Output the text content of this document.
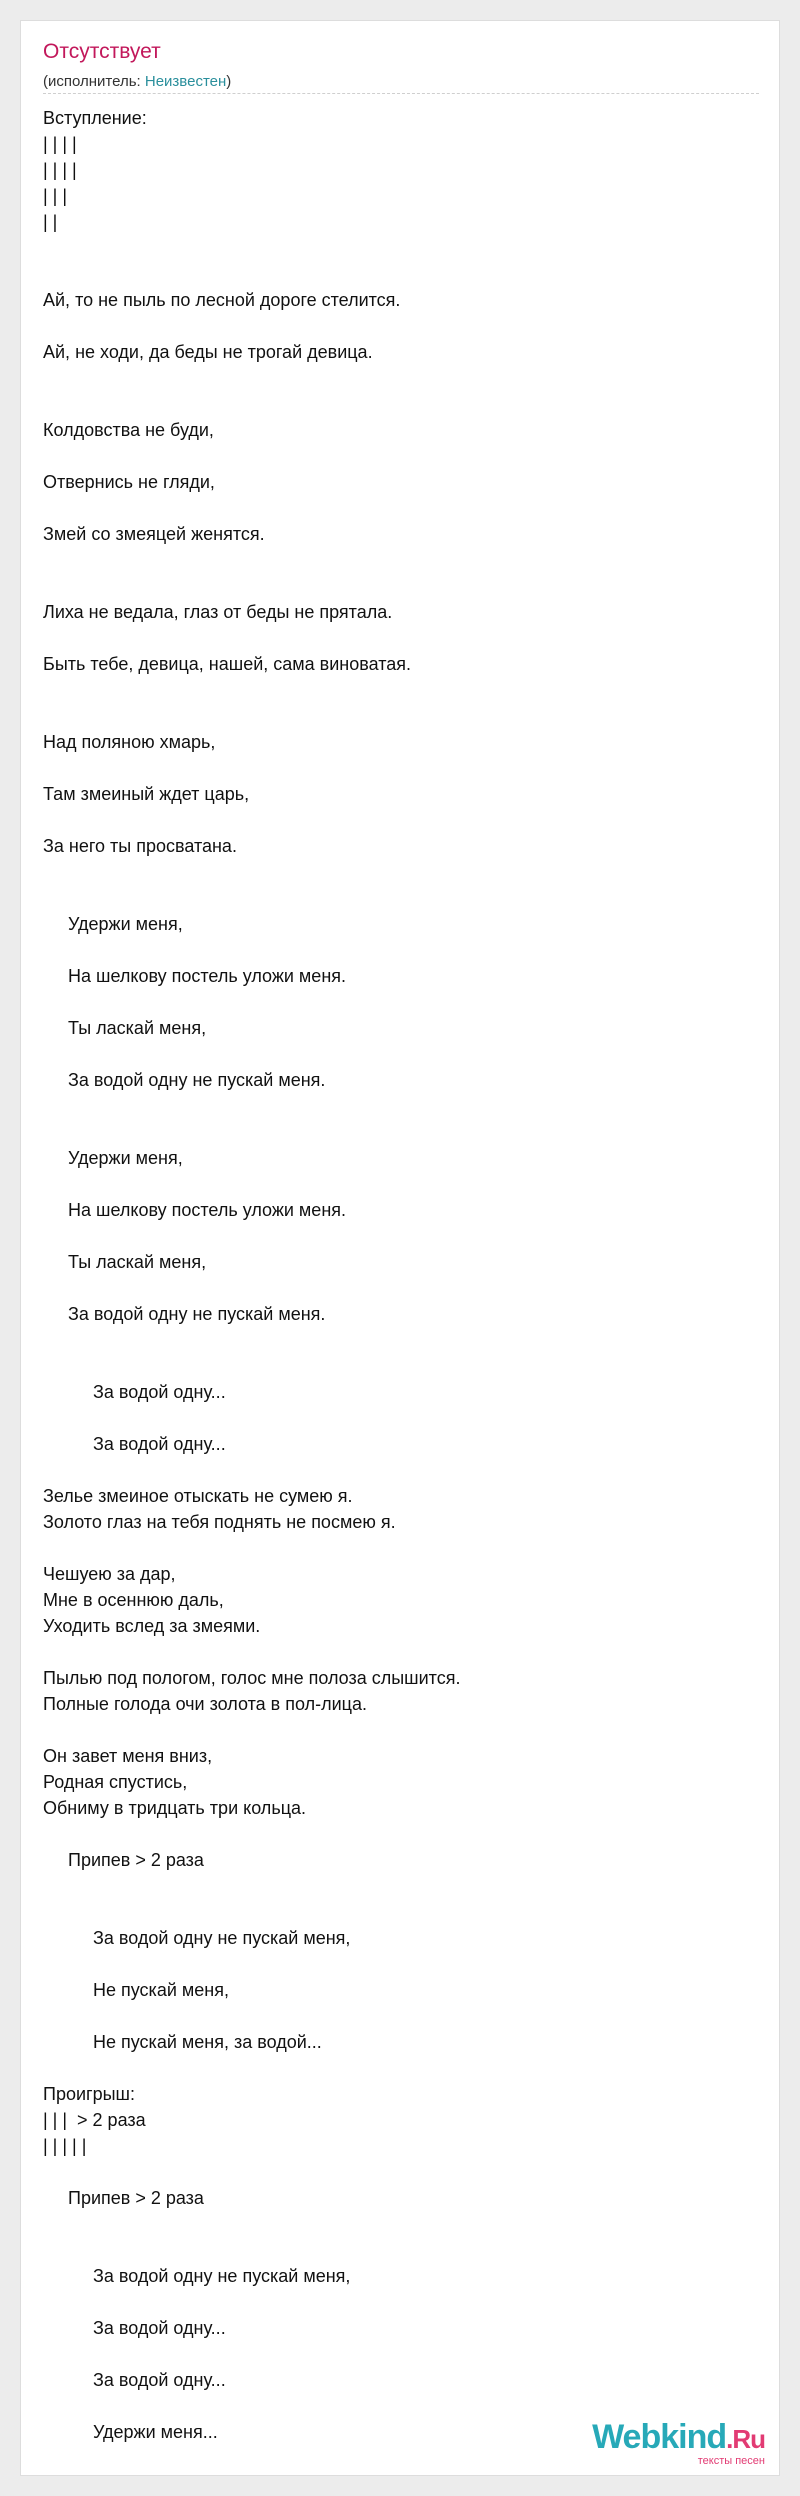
Отсутствует
(исполнитель: Неизвестен)
Вступление:
| | | |
| | | |
| | |
| |
Ай, то не пыль по лесной дороге стелится.
Ай, не ходи, да беды не трогай девица.
Колдовства не буди,
Отвернись не гляди,
Змей со змеяцей женятся.
Лиха не ведала, глаз от беды не прятала.
Быть тебе, девица, нашей, сама виноватая.
Над поляною хмарь,
Там змеиный ждет царь,
За него ты просватана.
Удержи меня,
На шелкову постель уложи меня.
Ты ласкай меня,
За водой одну не пускай меня.
Удержи меня,
На шелкову постель уложи меня.
Ты ласкай меня,
За водой одну не пускай меня.
За водой одну...
За водой одну...
Зелье змеиное отыскать не сумею я.
Золото глаз на тебя поднять не посмею я.
Чешуею за дар,
Мне в осеннюю даль,
Уходить вслед за змеями.
Пылью под пологом, голос мне полоза слышится.
Полные голода очи золота в пол-лица.
Он завет меня вниз,
Родная спустись,
Обниму в тридцать три кольца.
Припев > 2 раза
За водой одну не пускай меня,
Не пускай меня,
Не пускай меня, за водой...
Проигрыш:
| | |  > 2 раза
| | | | |
Припев > 2 раза
За водой одну не пускай меня,
За водой одну...
За водой одну...
Удержи меня...	Webkind.Ru
тексты песен
